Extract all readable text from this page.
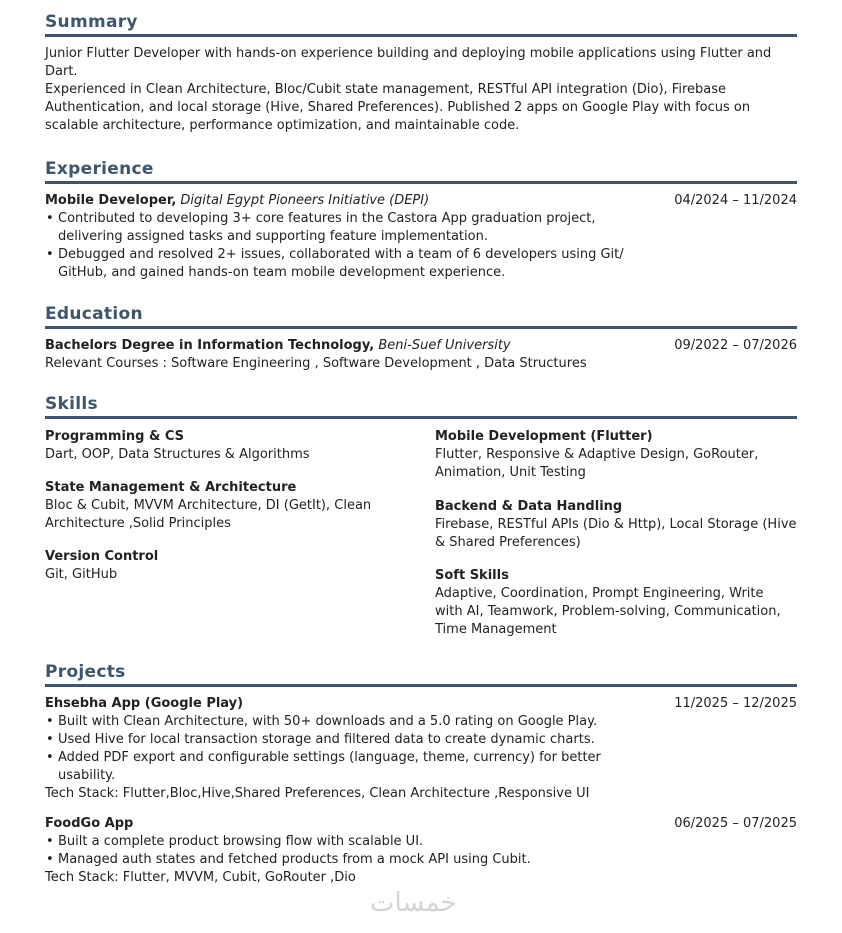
Summary
Junior Flutter Developer with hands-on experience building and deploying mobile applications using Flutter and
Dart.
Experienced in Clean Architecture, Bloc/Cubit state management, RESTful API integration (Dio), Firebase
Authentication, and local storage (Hive, Shared Preferences). Published 2 apps on Google Play with focus on
scalable architecture, performance optimization, and maintainable code.
Experience
Mobile Developer, Digital Egypt Pioneers Initiative (DEPI)	04/2024 – 11/2024
• Contributed to developing 3+ core features in the Castora App graduation project,
delivering assigned tasks and supporting feature implementation.
• Debugged and resolved 2+ issues, collaborated with a team of 6 developers using Git/
GitHub, and gained hands-on team mobile development experience.
Education
Bachelors Degree in Information Technology, Beni-Suef University	09/2022 – 07/2026
Relevant Courses : Software Engineering , Software Development , Data Structures
Skills
Programming & CS
Dart, OOP, Data Structures & Algorithms
State Management & Architecture
Bloc & Cubit, MVVM Architecture, DI (GetIt), Clean
Architecture ,Solid Principles
Version Control
Git, GitHub
Mobile Development (Flutter)
Flutter, Responsive & Adaptive Design, GoRouter,
Animation, Unit Testing
Backend & Data Handling
Firebase, RESTful APIs (Dio & Http), Local Storage (Hive
& Shared Preferences)
Soft Skills
Adaptive, Coordination, Prompt Engineering, Write
with AI, Teamwork, Problem-solving, Communication,
Time Management
Projects
Ehsebha App (Google Play)	11/2025 – 12/2025
• Built with Clean Architecture, with 50+ downloads and a 5.0 rating on Google Play.
• Used Hive for local transaction storage and filtered data to create dynamic charts.
• Added PDF export and configurable settings (language, theme, currency) for better
usability.
Tech Stack: Flutter,Bloc,Hive,Shared Preferences, Clean Architecture ,Responsive UI
FoodGo App	06/2025 – 07/2025
• Built a complete product browsing flow with scalable UI.
• Managed auth states and fetched products from a mock API using Cubit.
Tech Stack: Flutter, MVVM, Cubit, GoRouter ,Dio
خمسات
